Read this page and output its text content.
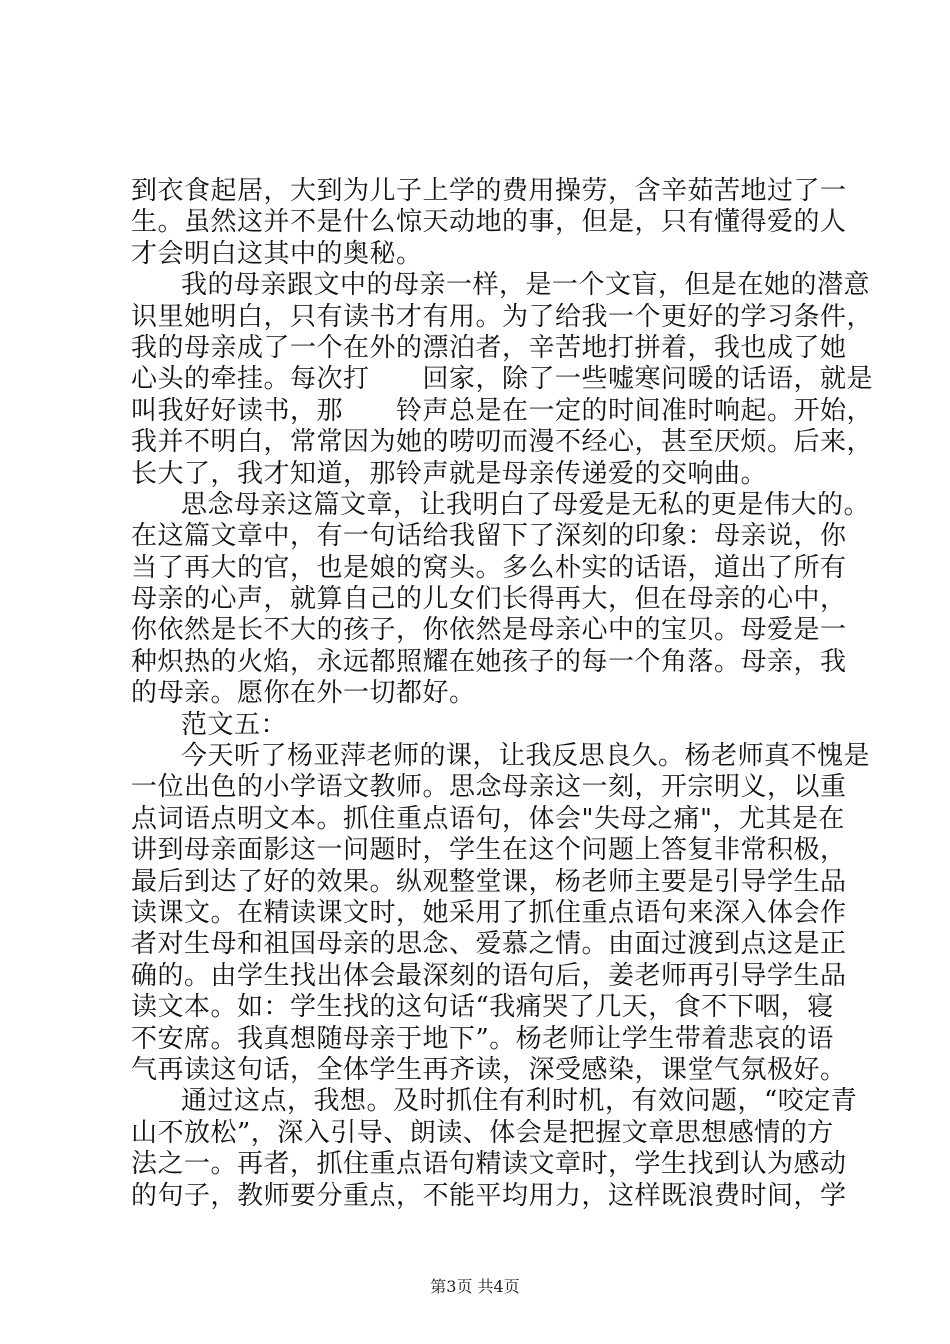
到衣食起居，大到为儿子上学的费用操劳，含辛茹苦地过了一
生。虽然这并不是什么惊天动地的事，但是，只有懂得爱的人
才会明白这其中的奥秘。
我的母亲跟文中的母亲一样，是一个文盲，但是在她的潜意
识里她明白，只有读书才有用。为了给我一个更好的学习条件，
我的母亲成了一个在外的漂泊者，辛苦地打拼着，我也成了她
心头的牵挂。每次打　　回家，除了一些嘘寒问暖的话语，就是
叫我好好读书，那　　铃声总是在一定的时间准时响起。开始，
我并不明白，常常因为她的唠叨而漫不经心，甚至厌烦。后来，
长大了，我才知道，那铃声就是母亲传递爱的交响曲。
思念母亲这篇文章，让我明白了母爱是无私的更是伟大的。
在这篇文章中，有一句话给我留下了深刻的印象：母亲说，你
当了再大的官，也是娘的窝头。多么朴实的话语，道出了所有
母亲的心声，就算自己的儿女们长得再大，但在母亲的心中，
你依然是长不大的孩子，你依然是母亲心中的宝贝。母爱是一
种炽热的火焰，永远都照耀在她孩子的每一个角落。母亲，我
的母亲。愿你在外一切都好。
范文五：
今天听了杨亚萍老师的课，让我反思良久。杨老师真不愧是
一位出色的小学语文教师。思念母亲这一刻，开宗明义，以重
点词语点明文本。抓住重点语句，体会"失母之痛"，尤其是在
讲到母亲面影这一问题时，学生在这个问题上答复非常积极，
最后到达了好的效果。纵观整堂课，杨老师主要是引导学生品
读课文。在精读课文时，她采用了抓住重点语句来深入体会作
者对生母和祖国母亲的思念、爱慕之情。由面过渡到点这是正
确的。由学生找出体会最深刻的语句后，姜老师再引导学生品
读文本。如：学生找的这句话“我痛哭了几天，食不下咽，寝
不安席。我真想随母亲于地下”。杨老师让学生带着悲哀的语
气再读这句话，全体学生再齐读，深受感染，课堂气氛极好。
通过这点，我想。及时抓住有利时机，有效问题，“咬定青
山不放松”，深入引导、朗读、体会是把握文章思想感情的方
法之一。再者，抓住重点语句精读文章时，学生找到认为感动
的句子，教师要分重点，不能平均用力，这样既浪费时间，学
第3页 共4页
